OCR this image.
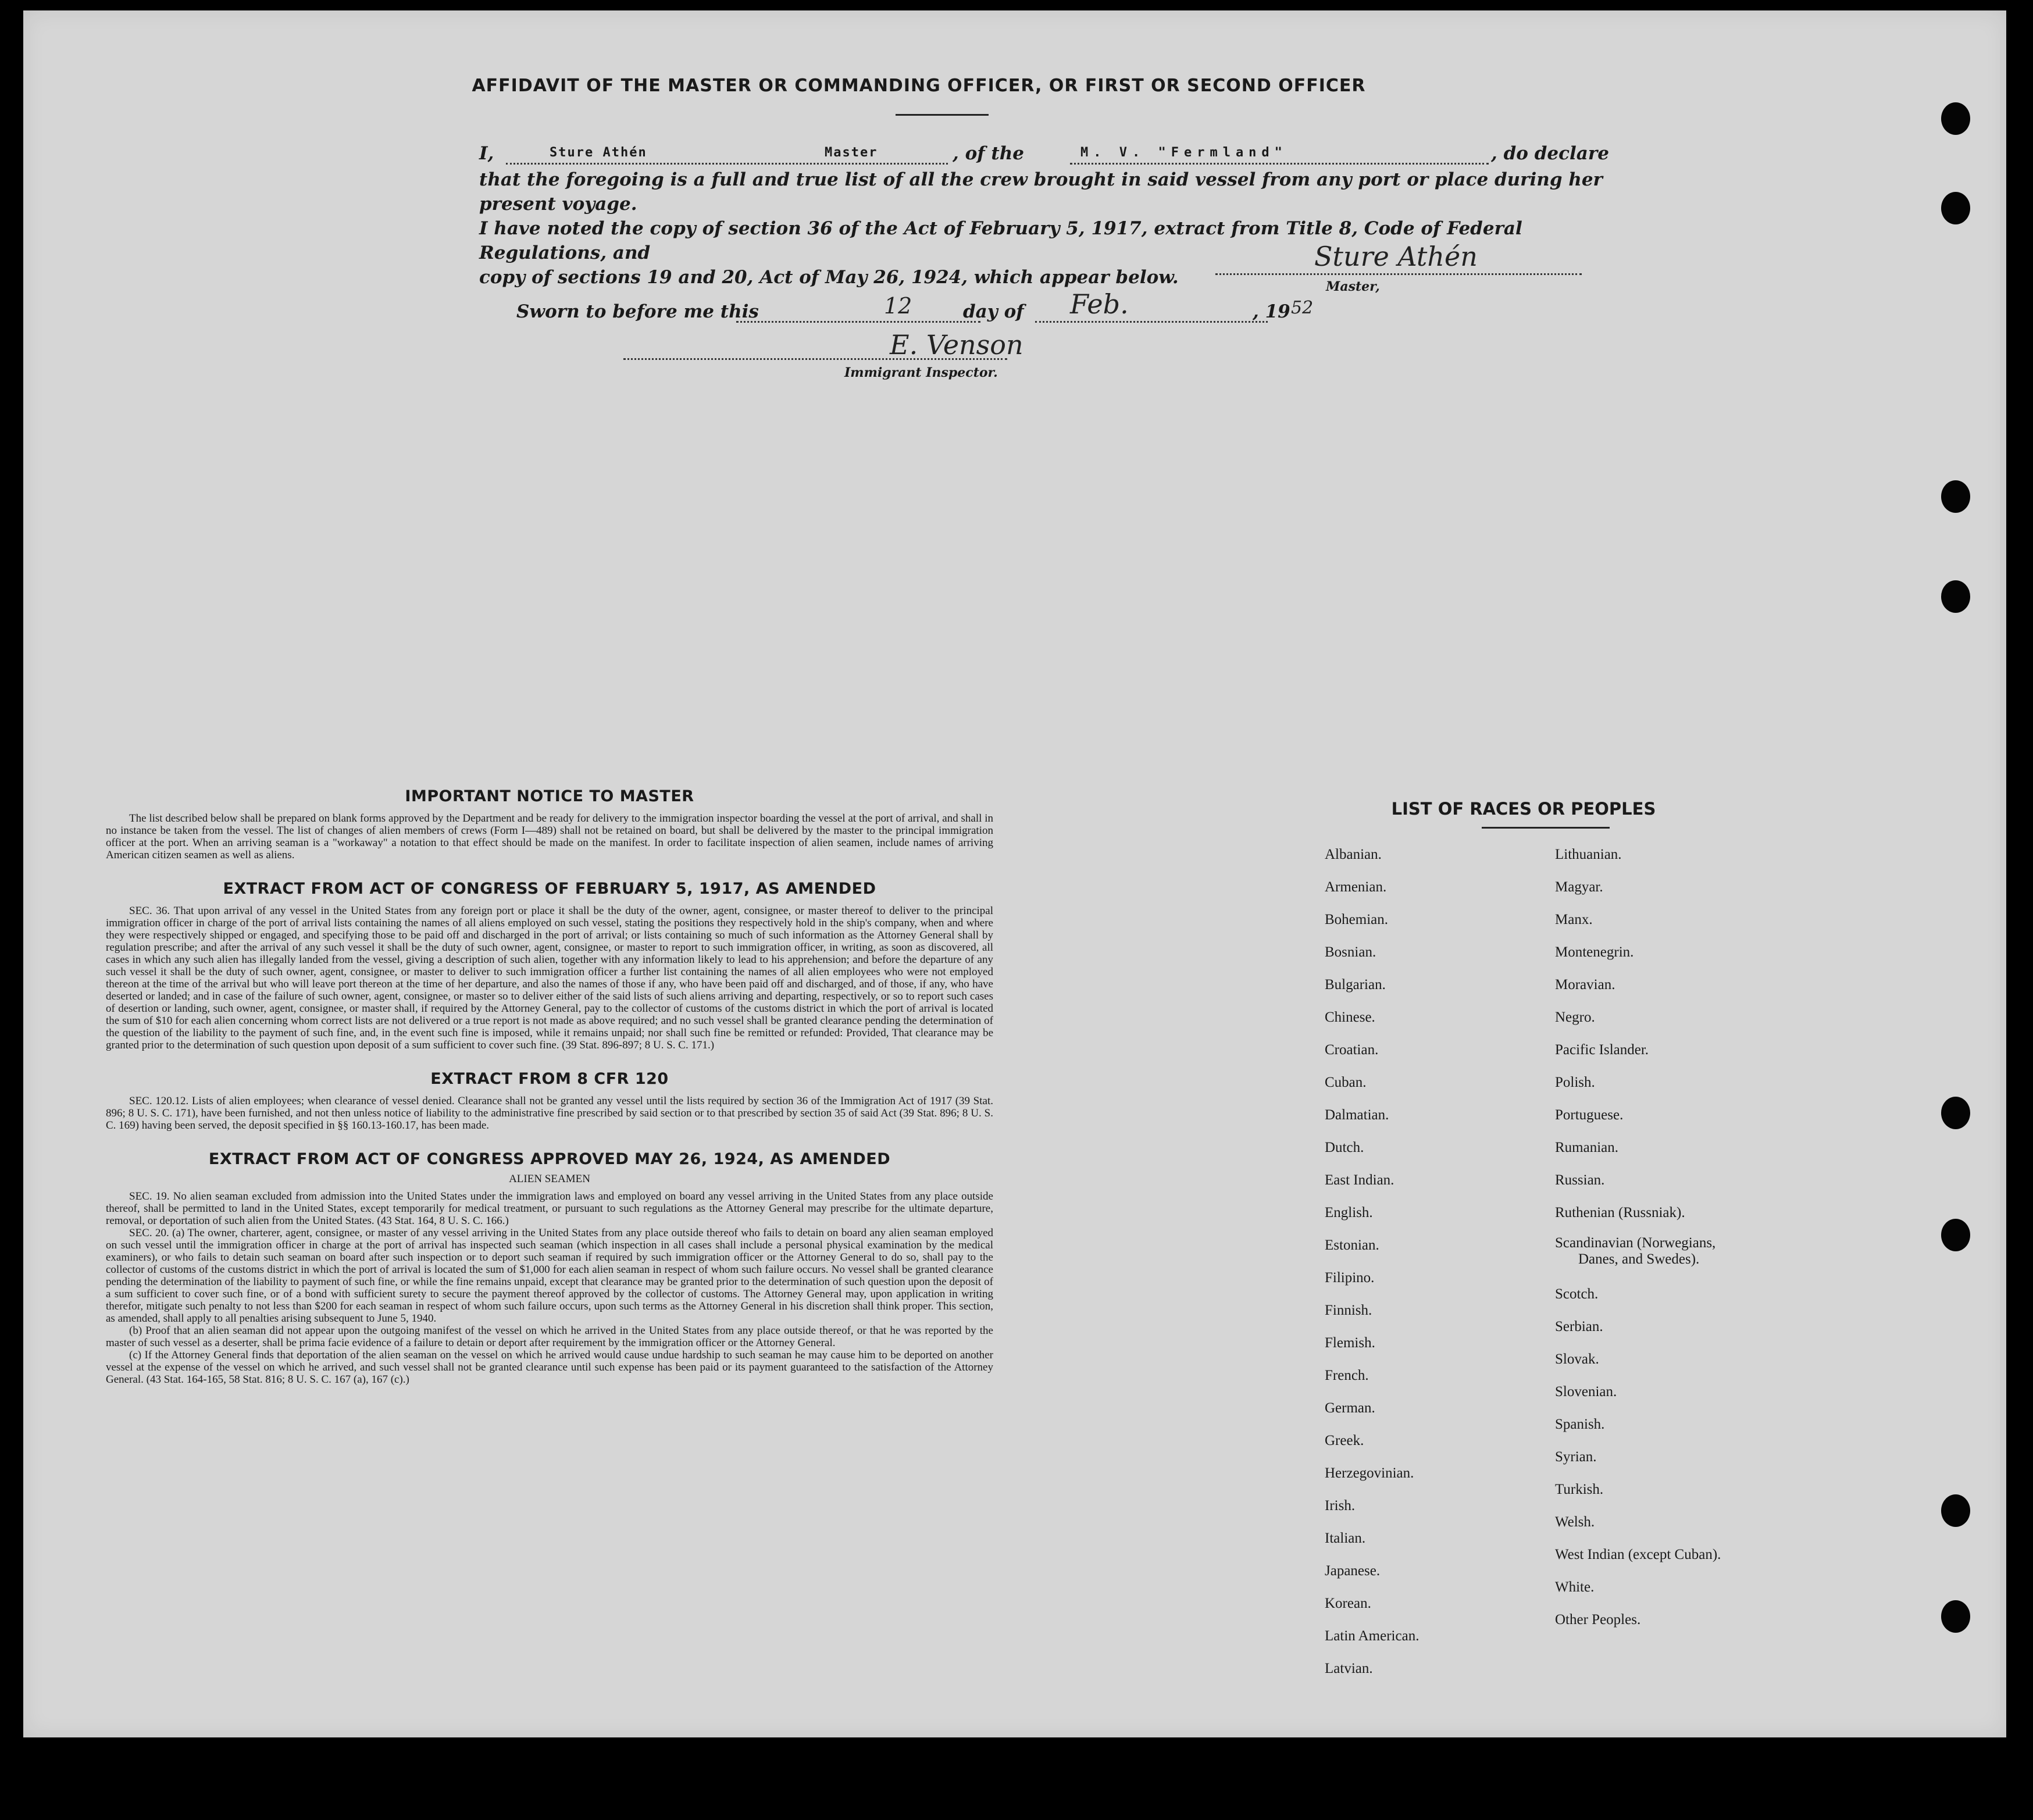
AFFIDAVIT OF THE MASTER OR COMMANDING OFFICER, OR FIRST OR SECOND OFFICER
I,	Sture Athén	Master	, of the	M. V. "Fermland"	, do declare
that the foregoing is a full and true list of all the crew brought in said vessel from any port or place during her present voyage.
I have noted the copy of section 36 of the Act of February 5, 1917, extract from Title 8, Code of Federal Regulations, and
copy of sections 19 and 20, Act of May 26, 1924, which appear below.
Sture Athén
Master,
Sworn to before me this	12	day of Feb.	, 19 52
E. Venson
Immigrant Inspector.
IMPORTANT NOTICE TO MASTER
The list described below shall be prepared on blank forms approved by the Department and be ready for delivery to the immigration inspector boarding the vessel at the port of arrival, and shall in no instance be taken from the vessel. The list of changes of alien members of crews (Form I—489) shall not be retained on board, but shall be delivered by the master to the principal immigration officer at the port. When an arriving seaman is a "workaway" a notation to that effect should be made on the manifest. In order to facilitate inspection of alien seamen, include names of arriving American citizen seamen as well as aliens.
EXTRACT FROM ACT OF CONGRESS OF FEBRUARY 5, 1917, AS AMENDED
SEC. 36. That upon arrival of any vessel in the United States from any foreign port or place it shall be the duty of the owner, agent, consignee, or master thereof to deliver to the principal immigration officer in charge of the port of arrival lists containing the names of all aliens employed on such vessel, stating the positions they respectively hold in the ship's company, when and where they were respectively shipped or engaged, and specifying those to be paid off and discharged in the port of arrival; or lists containing so much of such information as the Attorney General shall by regulation prescribe; and after the arrival of any such vessel it shall be the duty of such owner, agent, consignee, or master to report to such immigration officer, in writing, as soon as discovered, all cases in which any such alien has illegally landed from the vessel, giving a description of such alien, together with any information likely to lead to his apprehension; and before the departure of any such vessel it shall be the duty of such owner, agent, consignee, or master to deliver to such immigration officer a further list containing the names of all alien employees who were not employed thereon at the time of the arrival but who will leave port thereon at the time of her departure, and also the names of those if any, who have been paid off and discharged, and of those, if any, who have deserted or landed; and in case of the failure of such owner, agent, consignee, or master so to deliver either of the said lists of such aliens arriving and departing, respectively, or so to report such cases of desertion or landing, such owner, agent, consignee, or master shall, if required by the Attorney General, pay to the collector of customs of the customs district in which the port of arrival is located the sum of $10 for each alien concerning whom correct lists are not delivered or a true report is not made as above required; and no such vessel shall be granted clearance pending the determination of the question of the liability to the payment of such fine, and, in the event such fine is imposed, while it remains unpaid; nor shall such fine be remitted or refunded: Provided, That clearance may be granted prior to the determination of such question upon deposit of a sum sufficient to cover such fine. (39 Stat. 896-897; 8 U. S. C. 171.)
EXTRACT FROM 8 CFR 120
SEC. 120.12. Lists of alien employees; when clearance of vessel denied. Clearance shall not be granted any vessel until the lists required by section 36 of the Immigration Act of 1917 (39 Stat. 896; 8 U. S. C. 171), have been furnished, and not then unless notice of liability to the administrative fine prescribed by said section or to that prescribed by section 35 of said Act (39 Stat. 896; 8 U. S. C. 169) having been served, the deposit specified in §§ 160.13-160.17, has been made.
EXTRACT FROM ACT OF CONGRESS APPROVED MAY 26, 1924, AS AMENDED
ALIEN SEAMEN
SEC. 19. No alien seaman excluded from admission into the United States under the immigration laws and employed on board any vessel arriving in the United States from any place outside thereof, shall be permitted to land in the United States, except temporarily for medical treatment, or pursuant to such regulations as the Attorney General may prescribe for the ultimate departure, removal, or deportation of such alien from the United States. (43 Stat. 164, 8 U. S. C. 166.)
SEC. 20. (a) The owner, charterer, agent, consignee, or master of any vessel arriving in the United States from any place outside thereof who fails to detain on board any alien seaman employed on such vessel until the immigration officer in charge at the port of arrival has inspected such seaman (which inspection in all cases shall include a personal physical examination by the medical examiners), or who fails to detain such seaman on board after such inspection or to deport such seaman if required by such immigration officer or the Attorney General to do so, shall pay to the collector of customs of the customs district in which the port of arrival is located the sum of $1,000 for each alien seaman in respect of whom such failure occurs. No vessel shall be granted clearance pending the determination of the liability to payment of such fine, or while the fine remains unpaid, except that clearance may be granted prior to the determination of such question upon the deposit of a sum sufficient to cover such fine, or of a bond with sufficient surety to secure the payment thereof approved by the collector of customs. The Attorney General may, upon application in writing therefor, mitigate such penalty to not less than $200 for each seaman in respect of whom such failure occurs, upon such terms as the Attorney General in his discretion shall think proper. This section, as amended, shall apply to all penalties arising subsequent to June 5, 1940.
(b) Proof that an alien seaman did not appear upon the outgoing manifest of the vessel on which he arrived in the United States from any place outside thereof, or that he was reported by the master of such vessel as a deserter, shall be prima facie evidence of a failure to detain or deport after requirement by the immigration officer or the Attorney General.
(c) If the Attorney General finds that deportation of the alien seaman on the vessel on which he arrived would cause undue hardship to such seaman he may cause him to be deported on another vessel at the expense of the vessel on which he arrived, and such vessel shall not be granted clearance until such expense has been paid or its payment guaranteed to the satisfaction of the Attorney General. (43 Stat. 164-165, 58 Stat. 816; 8 U. S. C. 167 (a), 167 (c).)
LIST OF RACES OR PEOPLES
Albanian.
Armenian.
Bohemian.
Bosnian.
Bulgarian.
Chinese.
Croatian.
Cuban.
Dalmatian.
Dutch.
East Indian.
English.
Estonian.
Filipino.
Finnish.
Flemish.
French.
German.
Greek.
Herzegovinian.
Irish.
Italian.
Japanese.
Korean.
Latin American.
Latvian.
Lithuanian.
Magyar.
Manx.
Montenegrin.
Moravian.
Negro.
Pacific Islander.
Polish.
Portuguese.
Rumanian.
Russian.
Ruthenian (Russniak).
Scandinavian (Norwegians,
Danes, and Swedes).
Scotch.
Serbian.
Slovak.
Slovenian.
Spanish.
Syrian.
Turkish.
Welsh.
West Indian (except Cuban).
White.
Other Peoples.
